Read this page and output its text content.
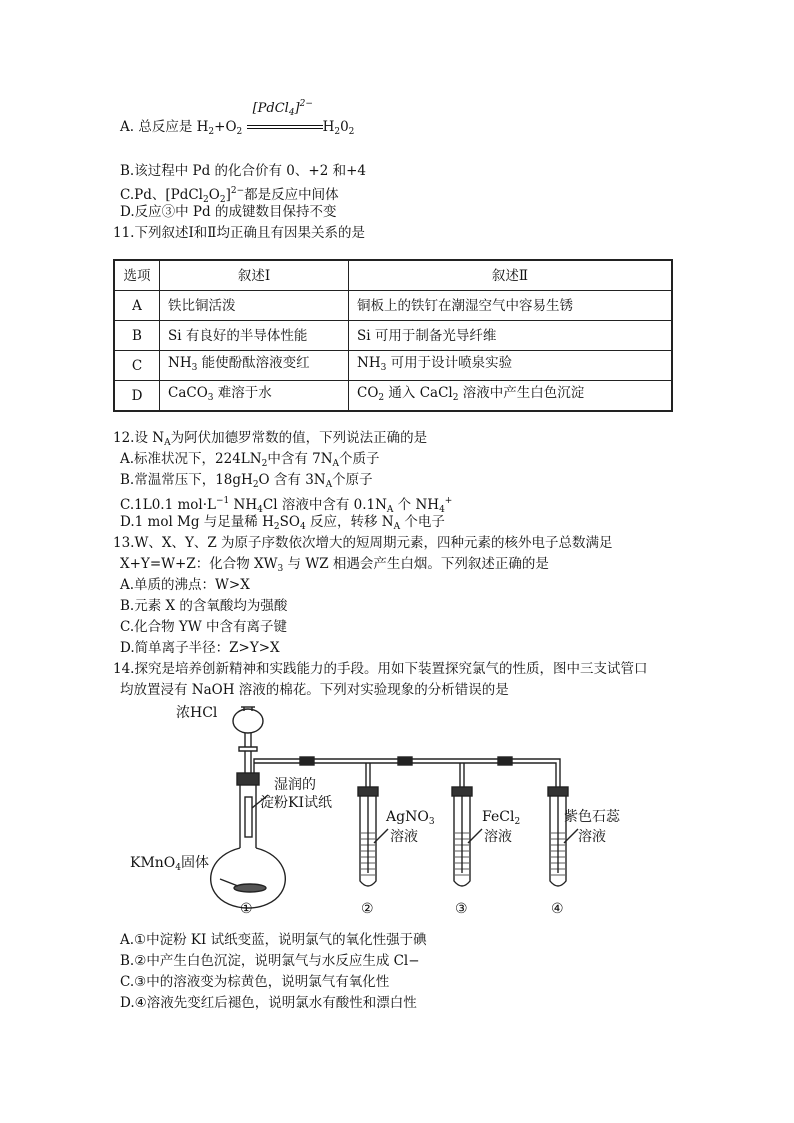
A. 总反应是 $H_2+O_2$
[PdCl$_4$]$^{2-}$
$H_20_2$
B.该过程中 Pd 的化合价有 0、+2 和+4
C.Pd、$[PdCl_2O_2]^{2-}$都是反应中间体
D.反应③中 Pd 的成键数目保持不变
11.下列叙述Ⅰ和Ⅱ均正确且有因果关系的是
选项	叙述Ⅰ	叙述Ⅱ
A	铁比铜活泼	铜板上的铁钉在潮湿空气中容易生锈
B	Si 有良好的半导体性能	Si 可用于制备光导纤维
C	$NH_3$ 能使酚酞溶液变红	$NH_3$ 可用于设计喷泉实验
D	CaCO$_3$ 难溶于水	$CO_2$ 通入 CaCl$_2$ 溶液中产生白色沉淀
12.设 $N_A$为阿伏加德罗常数的值，下列说法正确的是
A.标准状况下，$224LN_2$中含有 $7N_A$个质子
B.常温常压下，$18gH_2O$ 含有 $3N_A$个原子
C.1L0.1 $mol\cdot L^{-1}$ $NH_4Cl$ 溶液中含有 $0.1N_A$ 个 $NH_4^+$
D.1 mol Mg 与足量稀 $H_2SO_4$ 反应，转移 $N_A$ 个电子
13.W、X、Y、Z 为原子序数依次增大的短周期元素，四种元素的核外电子总数满足
X+Y=W+Z：化合物 $XW_3$ 与 WZ 相遇会产生白烟。下列叙述正确的是
A.单质的沸点：W>X
B.元素 X 的含氧酸均为强酸
C.化合物 YW 中含有离子键
D.简单离子半径：Z>Y>X
14.探究是培养创新精神和实践能力的手段。用如下装置探究氯气的性质，图中三支试管口
均放置浸有 NaOH 溶液的棉花。下列对实验现象的分析错误的是
浓HCl
湿润的
淀粉KI试纸
KMnO$_4$固体
AgNO$_3$
溶液
FeCl$_2$
溶液
紫色石蕊
溶液
①	②	③	④
A.①中淀粉 KI 试纸变蓝，说明氯气的氧化性强于碘
B.②中产生白色沉淀，说明氯气与水反应生成 Cl−
C.③中的溶液变为棕黄色，说明氯气有氧化性
D.④溶液先变红后褪色，说明氯水有酸性和漂白性
